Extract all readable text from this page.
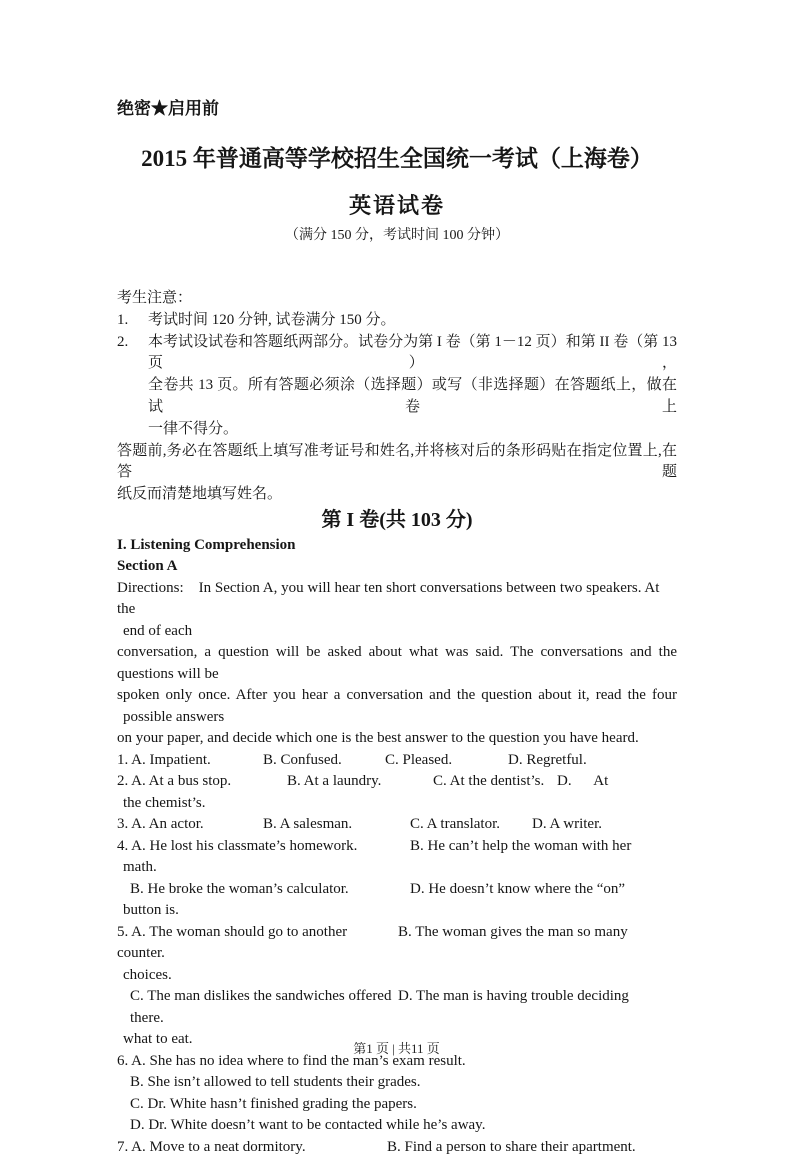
绝密★启用前
2015 年普通高等学校招生全国统一考试（上海卷）
英语试卷
（满分 150 分，考试时间 100 分钟）
考生注意：
1.	考试时间 120 分钟, 试卷满分 150 分。
2.	本考试设试卷和答题纸两部分。试卷分为第 I 卷（第 1－12 页）和第 II 卷（第 13 页），
全卷共 13 页。所有答题必须涂（选择题）或写（非选择题）在答题纸上，做在试卷上
一律不得分。
答题前,务必在答题纸上填写准考证号和姓名,并将核对后的条形码贴在指定位置上,在答题
纸反而清楚地填写姓名。
第 I 卷(共 103 分)
I. Listening Comprehension
Section A
Directions:    In Section A, you will hear ten short conversations between two speakers. At the
end of each
conversation, a question will be asked about what was said. The conversations and the
questions will be
spoken only once. After you hear a conversation and the question about it, read the four
possible answers
on your paper, and decide which one is the best answer to the question you have heard.
1. A. Impatient.	B. Confused.	C. Pleased.	D. Regretful.
2. A. At a bus stop.	B. At a laundry.	C. At the dentist’s. D.      At
the chemist’s.
3. A. An actor.	B. A salesman.	C. A translator.	D. A writer.
4. A. He lost his classmate’s homework.	B. He can’t help the woman with her
math.
B. He broke the woman’s calculator.	D. He doesn’t know where the “on”
button is.
5. A. The woman should go to another counter.
B. The woman gives the man so many
choices.
C. The man dislikes the sandwiches offered there.
D. The man is having trouble deciding
what to eat.
6. A. She has no idea where to find the man’s exam result.
B. She isn’t allowed to tell students their grades.
C. Dr. White hasn’t finished grading the papers.
D. Dr. White doesn’t want to be contacted while he’s away.
7. A. Move to a neat dormitory.	B. Find a person to share their apartment.
第1 页 | 共11 页
